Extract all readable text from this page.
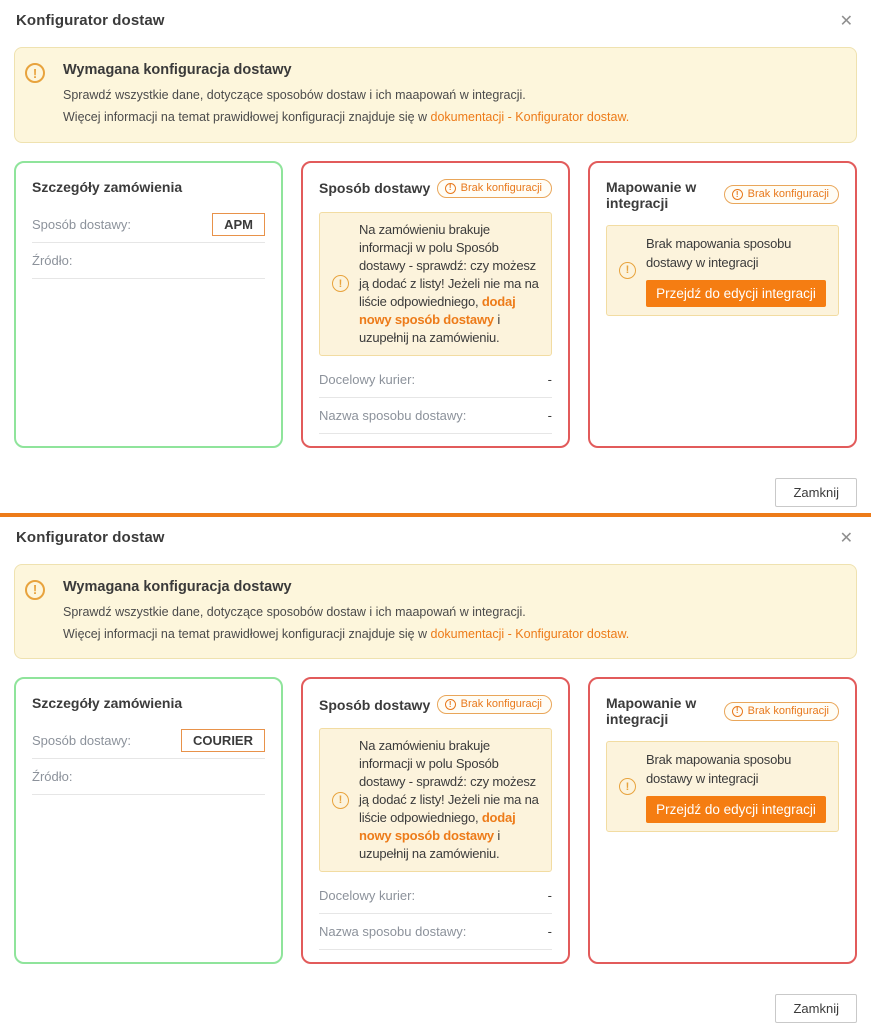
Konfigurator dostaw	✕
!	Wymagana konfiguracja dostawy
Sprawdź wszystkie dane, dotyczące sposobów dostaw i ich maapowań w integracji.
Więcej informacji na temat prawidłowej konfiguracji znajduje się w dokumentacji - Konfigurator dostaw.
Szczegóły zamówienia
Sposób dostawy:	APM
Źródło:
Sposób dostawy	! Brak konfiguracji
!
Na zamówieniu brakuje informacji w polu Sposób dostawy - sprawdź: czy możesz ją dodać z listy! Jeżeli nie ma na liście odpowiedniego, dodaj nowy sposób dostawy i uzupełnij na zamówieniu.
Docelowy kurier:	-
Nazwa sposobu dostawy:	-
Mapowanie w integracji
! Brak konfiguracji
!
Brak mapowania sposobu dostawy w integracji
Przejdź do edycji integracji
Zamknij
Konfigurator dostaw	✕
!	Wymagana konfiguracja dostawy
Sprawdź wszystkie dane, dotyczące sposobów dostaw i ich maapowań w integracji.
Więcej informacji na temat prawidłowej konfiguracji znajduje się w dokumentacji - Konfigurator dostaw.
Szczegóły zamówienia
Sposób dostawy:	COURIER
Źródło:
Sposób dostawy	! Brak konfiguracji
!
Na zamówieniu brakuje informacji w polu Sposób dostawy - sprawdź: czy możesz ją dodać z listy! Jeżeli nie ma na liście odpowiedniego, dodaj nowy sposób dostawy i uzupełnij na zamówieniu.
Docelowy kurier:	-
Nazwa sposobu dostawy:	-
Mapowanie w integracji
! Brak konfiguracji
!
Brak mapowania sposobu dostawy w integracji
Przejdź do edycji integracji
Zamknij
